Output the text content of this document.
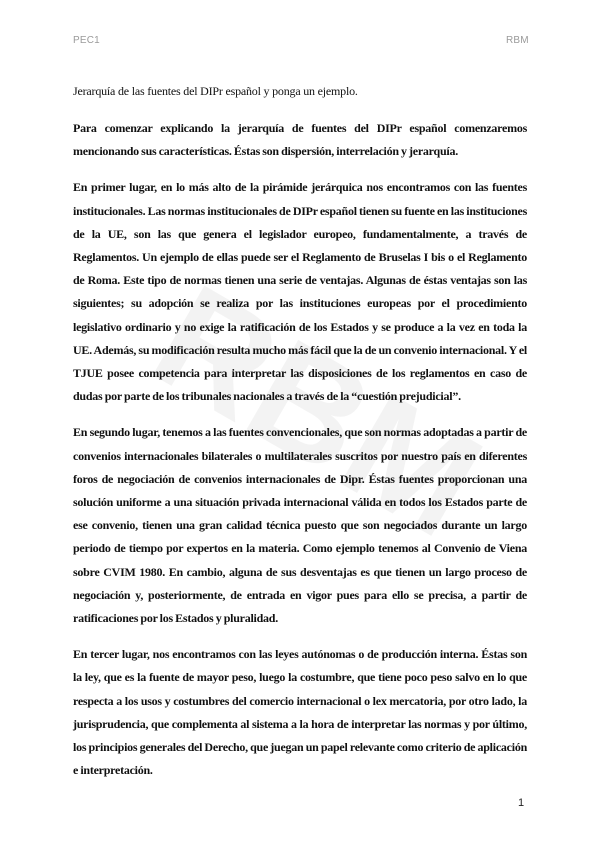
PEC1	RBM

Jerarquía de las fuentes del DIPr español y ponga un ejemplo.

Para comenzar explicando la jerarquía de fuentes del DIPr español comenzaremos mencionando sus características. Éstas son dispersión, interrelación y jerarquía.

En primer lugar, en lo más alto de la pirámide jerárquica nos encontramos con las fuentes institucionales. Las normas institucionales de DIPr español tienen su fuente en las instituciones de la UE, son las que genera el legislador europeo, fundamentalmente, a través de Reglamentos. Un ejemplo de ellas puede ser el Reglamento de Bruselas I bis o el Reglamento de Roma. Este tipo de normas tienen una serie de ventajas. Algunas de éstas ventajas son las siguientes; su adopción se realiza por las instituciones europeas por el procedimiento legislativo ordinario y no exige la ratificación de los Estados y se produce a la vez en toda la UE. Además, su modificación resulta mucho más fácil que la de un convenio internacional. Y el TJUE posee competencia para interpretar las disposiciones de los reglamentos en caso de dudas por parte de los tribunales nacionales a través de la “cuestión prejudicial”.

En segundo lugar, tenemos a las fuentes convencionales, que son normas adoptadas a partir de convenios internacionales bilaterales o multilaterales suscritos por nuestro país en diferentes foros de negociación de convenios internacionales de Dipr. Éstas fuentes proporcionan una solución uniforme a una situación privada internacional válida en todos los Estados parte de ese convenio, tienen una gran calidad técnica puesto que son negociados durante un largo periodo de tiempo por expertos en la materia. Como ejemplo tenemos al Convenio de Viena sobre CVIM 1980. En cambio, alguna de sus desventajas es que tienen un largo proceso de negociación y, posteriormente, de entrada en vigor pues para ello se precisa, a partir de ratificaciones por los Estados y pluralidad.

En tercer lugar, nos encontramos con las leyes autónomas o de producción interna. Éstas son la ley, que es la fuente de mayor peso, luego la costumbre, que tiene poco peso salvo en lo que respecta a los usos y costumbres del comercio internacional o lex mercatoria, por otro lado, la jurisprudencia, que complementa al sistema a la hora de interpretar las normas y por último, los principios generales del Derecho, que juegan un papel relevante como criterio de aplicación e interpretación.

1
